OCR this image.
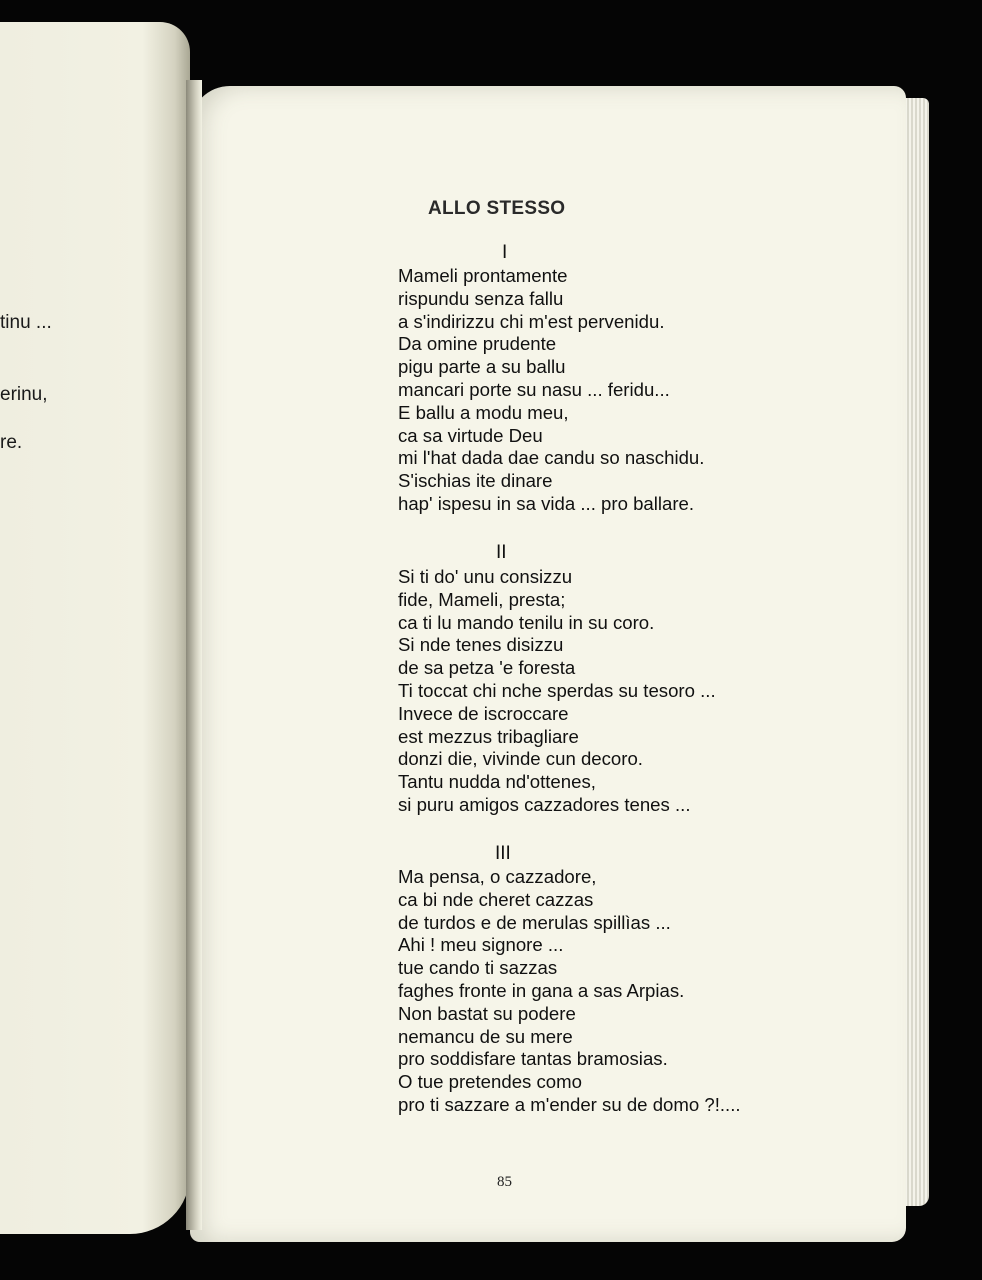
tinu ...
erinu,
re.
ALLO STESSO
I
Mameli prontamente
rispundu senza fallu
a s'indirizzu chi m'est pervenidu.
Da omine prudente
pigu parte a su ballu
mancari porte su nasu ... feridu...
E ballu a modu meu,
ca sa virtude Deu
mi l'hat dada dae candu so naschidu.
S'ischias ite dinare
hap' ispesu in sa vida ... pro ballare.
II
Si ti do' unu consizzu
fide, Mameli, presta;
ca ti lu mando tenilu in su coro.
Si nde tenes disizzu
de sa petza 'e foresta
Ti toccat chi nche sperdas su tesoro ...
Invece de iscroccare
est mezzus tribagliare
donzi die, vivinde cun decoro.
Tantu nudda nd'ottenes,
si puru amigos cazzadores tenes ...
III
Ma pensa, o cazzadore,
ca bi nde cheret cazzas
de turdos e de merulas spillìas ...
Ahi ! meu signore ...
tue cando ti sazzas
faghes fronte in gana a sas Arpias.
Non bastat su podere
nemancu de su mere
pro soddisfare tantas bramosias.
O tue pretendes como
pro ti sazzare a m'ender su de domo ?!....
85
